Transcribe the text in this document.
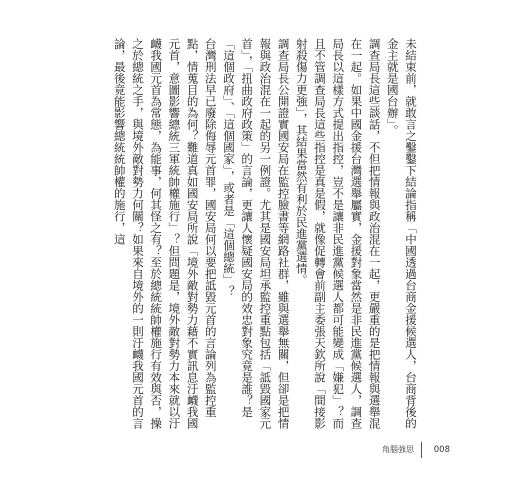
未結束前，就敢言之鑿鑿下結論指稱「中國透過台商金援候選人，台商背後的金主就是國台辦」。

調查局長這些談話，不但把情報與政治混在一起，更嚴重的是把情報與選舉混在一起。如果中國金援台灣選舉屬實，金援對象當然是非民進黨候選人，調查局長以這樣方式提出指控，豈不是讓非民進黨候選人都可能變成「嫌犯」？而且不管調查局長這些指控是真是假，就像促轉會前副主委張天欽所說「間接影射殺傷力更強」，其結果當然有利於民進黨選情。

調查局長公開證實國安局在監控臉書等網路社群，雖與選舉無關，但卻是把情報與政治混在一起的另一例證。尤其是國安局坦承監控重點包括「詆毀國家元首」，「扭曲政府政策」的言論，更讓人懷疑國安局的效忠對象究竟是誰？是「這個政府」、「這個國家」，或者是「這個總統」？

台灣刑法早已廢除侮辱元首罪，國安局何以要把詆毀元首的言論列為監控重點，情蒐目的為何？難道真如國安局所說「境外敵對勢力藉不實訊息汙衊我國元首，意圖影響總統三軍統帥權施行」？但問題是，境外敵對勢力本來就以汙衊我國元首為常態，為能事，何其怪之有？至於總統統帥權施行有效與否，操之於總統之手，與境外敵對勢力何關？如果來自境外的一則汙衊我國元首的言論，最後竟能影響總統統帥權的施行，這

角腦強思 008
